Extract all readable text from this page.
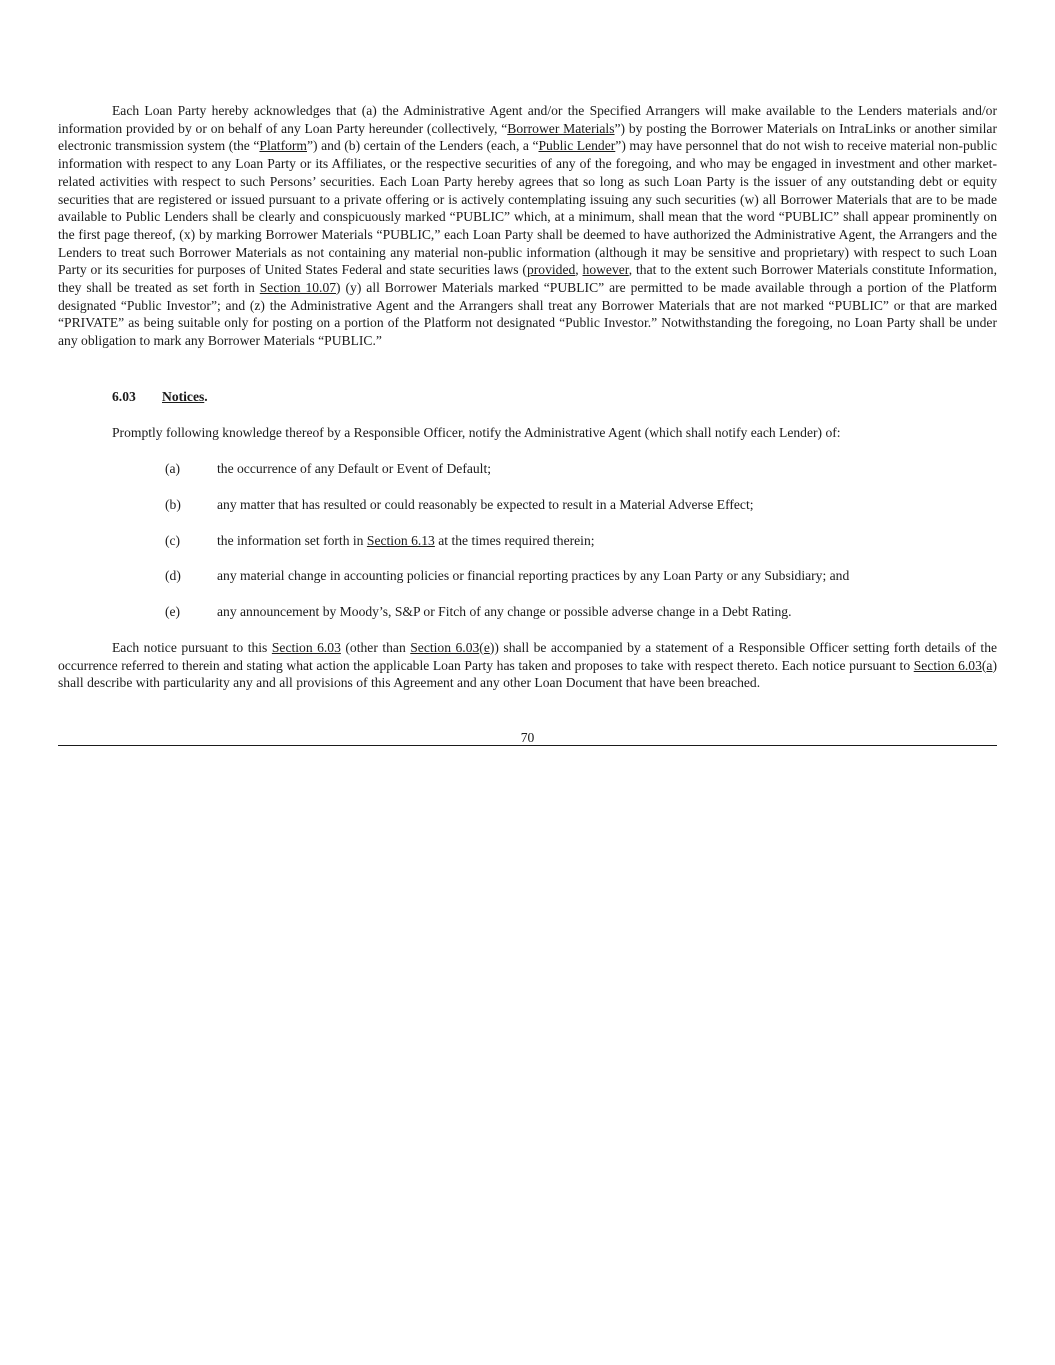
Each Loan Party hereby acknowledges that (a) the Administrative Agent and/or the Specified Arrangers will make available to the Lenders materials and/or information provided by or on behalf of any Loan Party hereunder (collectively, “Borrower Materials”) by posting the Borrower Materials on IntraLinks or another similar electronic transmission system (the “Platform”) and (b) certain of the Lenders (each, a “Public Lender”) may have personnel that do not wish to receive material non-public information with respect to any Loan Party or its Affiliates, or the respective securities of any of the foregoing, and who may be engaged in investment and other market-related activities with respect to such Persons’ securities. Each Loan Party hereby agrees that so long as such Loan Party is the issuer of any outstanding debt or equity securities that are registered or issued pursuant to a private offering or is actively contemplating issuing any such securities (w) all Borrower Materials that are to be made available to Public Lenders shall be clearly and conspicuously marked “PUBLIC” which, at a minimum, shall mean that the word “PUBLIC” shall appear prominently on the first page thereof, (x) by marking Borrower Materials “PUBLIC,” each Loan Party shall be deemed to have authorized the Administrative Agent, the Arrangers and the Lenders to treat such Borrower Materials as not containing any material non-public information (although it may be sensitive and proprietary) with respect to such Loan Party or its securities for purposes of United States Federal and state securities laws (provided, however, that to the extent such Borrower Materials constitute Information, they shall be treated as set forth in Section 10.07) (y) all Borrower Materials marked “PUBLIC” are permitted to be made available through a portion of the Platform designated “Public Investor”; and (z) the Administrative Agent and the Arrangers shall treat any Borrower Materials that are not marked “PUBLIC” or that are marked “PRIVATE” as being suitable only for posting on a portion of the Platform not designated “Public Investor.” Notwithstanding the foregoing, no Loan Party shall be under any obligation to mark any Borrower Materials “PUBLIC.”

6.03 Notices.

Promptly following knowledge thereof by a Responsible Officer, notify the Administrative Agent (which shall notify each Lender) of:

(a)	the occurrence of any Default or Event of Default;

(b)	any matter that has resulted or could reasonably be expected to result in a Material Adverse Effect;

(c)	the information set forth in Section 6.13 at the times required therein;

(d)	any material change in accounting policies or financial reporting practices by any Loan Party or any Subsidiary; and

(e)	any announcement by Moody’s, S&P or Fitch of any change or possible adverse change in a Debt Rating.

Each notice pursuant to this Section 6.03 (other than Section 6.03(e)) shall be accompanied by a statement of a Responsible Officer setting forth details of the occurrence referred to therein and stating what action the applicable Loan Party has taken and proposes to take with respect thereto. Each notice pursuant to Section 6.03(a) shall describe with particularity any and all provisions of this Agreement and any other Loan Document that have been breached.

70
